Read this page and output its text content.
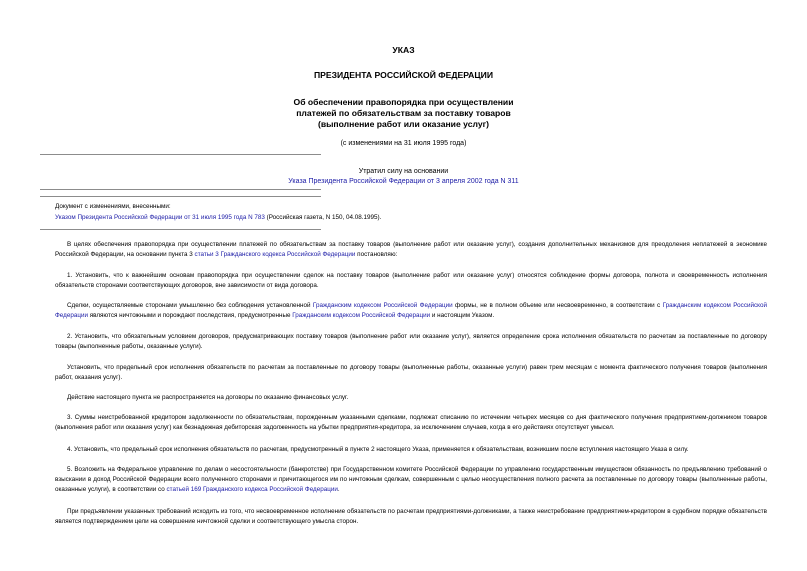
УКАЗ
ПРЕЗИДЕНТА РОССИЙСКОЙ ФЕДЕРАЦИИ
Об обеспечении правопорядка при осуществлении
платежей по обязательствам за поставку товаров
(выполнение работ или оказание услуг)
(с изменениями на 31 июля 1995 года)
Утратил силу на основании
Указа Президента Российской Федерации от 3 апреля 2002 года N 311
Документ с изменениями, внесенными:
Указом Президента Российской Федерации от 31 июля 1995 года N 783 (Российская газета, N 150, 04.08.1995).
В целях обеспечения правопорядка при осуществлении платежей по обязательствам за поставку товаров (выполнение работ или оказание услуг), создания дополнительных механизмов для преодоления неплатежей в экономике Российской Федерации, на основании пункта 3 статьи 3 Гражданского кодекса Российской Федерации постановляю:
1. Установить, что к важнейшим основам правопорядка при осуществлении сделок на поставку товаров (выполнение работ или оказание услуг) относятся соблюдение формы договора, полнота и своевременность исполнения обязательств сторонами соответствующих договоров, вне зависимости от вида договора.
Сделки, осуществляемые сторонами умышленно без соблюдения установленной Гражданским кодексом Российской Федерации формы, не в полном объеме или несвоевременно, в соответствии с Гражданским кодексом Российской Федерации являются ничтожными и порождают последствия, предусмотренные Гражданским кодексом Российской Федерации и настоящим Указом.
2. Установить, что обязательным условием договоров, предусматривающих поставку товаров (выполнение работ или оказание услуг), является определение срока исполнения обязательств по расчетам за поставленные по договору товары (выполненные работы, оказанные услуги).
Установить, что предельный срок исполнения обязательств по расчетам за поставленные по договору товары (выполненные работы, оказанные услуги) равен трем месяцам с момента фактического получения товаров (выполнения работ, оказания услуг).
Действие настоящего пункта не распространяется на договоры по оказанию финансовых услуг.
3. Суммы неистребованной кредитором задолженности по обязательствам, порожденным указанными сделками, подлежат списанию по истечении четырех месяцев со дня фактического получения предприятием-должником товаров (выполнения работ или оказания услуг) как безнадежная дебиторская задолженность на убытки предприятия-кредитора, за исключением случаев, когда в его действиях отсутствует умысел.
4. Установить, что предельный срок исполнения обязательств по расчетам, предусмотренный в пункте 2 настоящего Указа, применяется к обязательствам, возникшим после вступления настоящего Указа в силу.
5. Возложить на Федеральное управление по делам о несостоятельности (банкротстве) при Государственном комитете Российской Федерации по управлению государственным имуществом обязанность по предъявлению требований о взыскании в доход Российской Федерации всего полученного сторонами и причитающегося им по ничтожным сделкам, совершенным с целью неосуществления полного расчета за поставленные по договору товары (выполненные работы, оказанные услуги), в соответствии со статьей 169 Гражданского кодекса Российской Федерации.
При предъявлении указанных требований исходить из того, что несвоевременное исполнение обязательств по расчетам предприятиями-должниками, а также неистребование предприятием-кредитором в судебном порядке обязательств является подтверждением цели на совершение ничтожной сделки и соответствующего умысла сторон.
